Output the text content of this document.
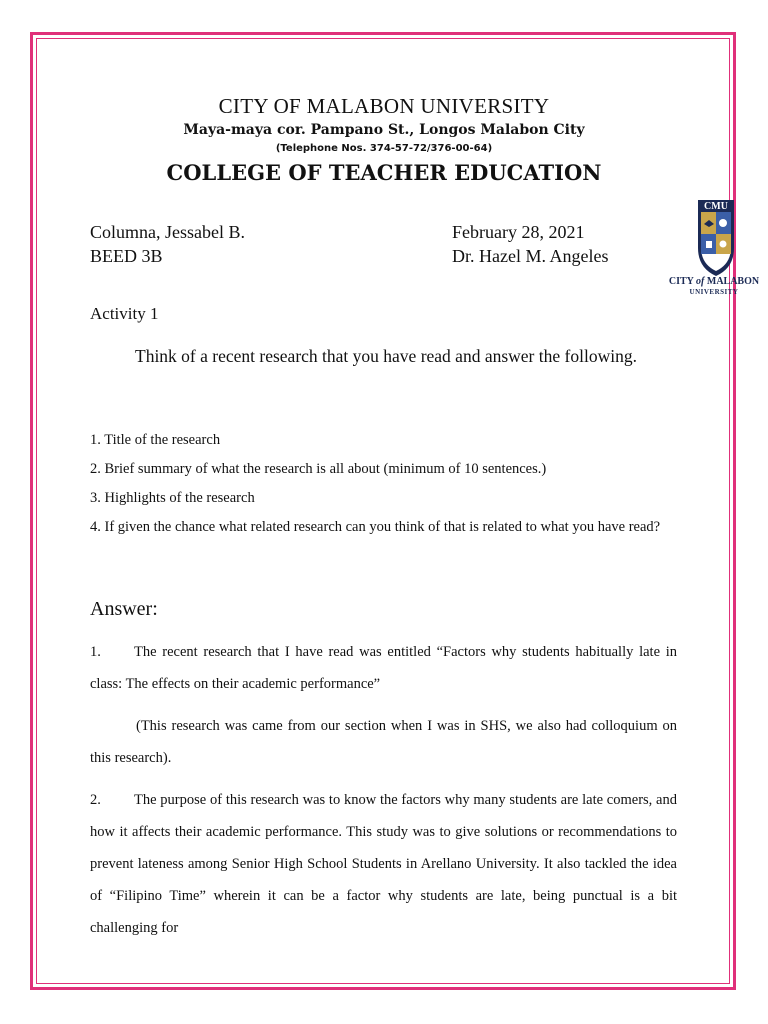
CITY OF MALABON UNIVERSITY
Maya-maya cor. Pampano St., Longos Malabon City
(Telephone Nos. 374-57-72/376-00-64)
COLLEGE OF TEACHER EDUCATION
Columna, Jessabel B.
BEED 3B
February 28, 2021
Dr. Hazel M. Angeles
CMU
CITY of MALABON
UNIVERSITY
Activity 1
Think of a recent research that you have read and answer the following.
1. Title of the research
2. Brief summary of what the research is all about (minimum of 10 sentences.)
3. Highlights of the research
4. If given the chance what related research can you think of that is related to what you have read?
Answer:

1. The recent research that I have read was entitled “Factors why students habitually late in class: The effects on their academic performance”

(This research was came from our section when I was in SHS, we also had colloquium on this research).

2. The purpose of this research was to know the factors why many students are late comers, and how it affects their academic performance. This study was to give solutions or recommendations to prevent lateness among Senior High School Students in Arellano University. It also tackled the idea of “Filipino Time” wherein it can be a factor why students are late, being punctual is a bit challenging for
